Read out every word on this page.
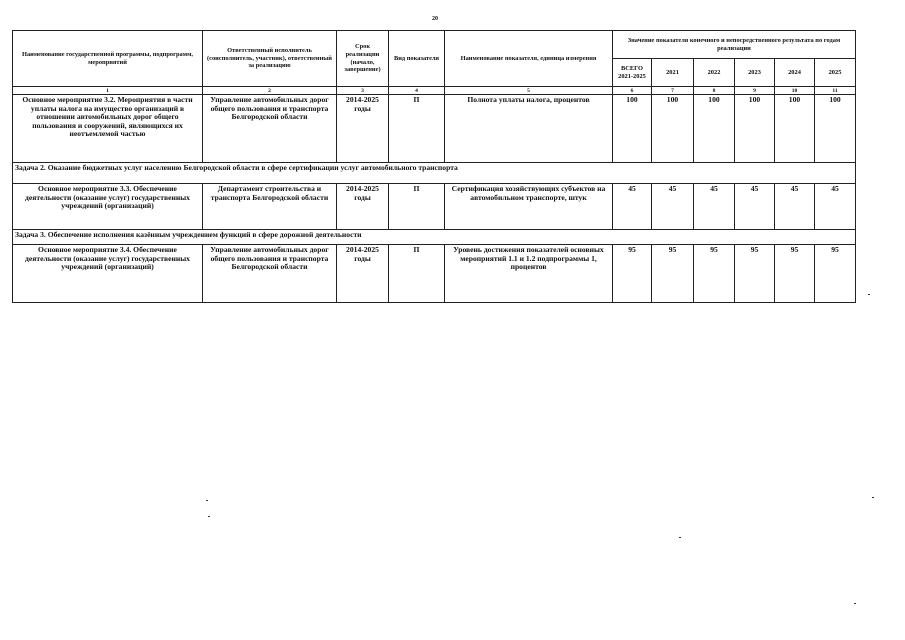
20
Наименование государственной программы, подпрограмм, мероприятий	Ответственный исполнитель (соисполнитель, участник), ответственный за реализацию	Срок реализации (начало, завершение)	Вид показателя	Наименование показателя, единица измерения	Значение показателя конечного и непосредственного результата по годам реализации					
					ВСЕГО 2021-2025	2021	2022	2023	2024	2025
1	2	3	4	5	6	7	8	9	10	11
Основное мероприятие 3.2. Мероприятия в части уплаты налога на имущество организаций в отношении автомобильных дорог общего пользования и сооружений, являющихся их неотъемлемой частью	Управление автомобильных дорог общего пользования и транспорта Белгородской области	2014-2025 годы	П	Полнота уплаты налога, процентов	100	100	100	100	100	100
Задача 2. Оказание бюджетных услуг населению Белгородской области в сфере сертификации услуг автомобильного транспорта										
Основное мероприятие 3.3. Обеспечение деятельности (оказание услуг) государственных учреждений (организаций)	Департамент строительства и транспорта Белгородской области	2014-2025 годы	П	Сертификация хозяйствующих субъектов на автомобильном транспорте, штук	45	45	45	45	45	45
Задача 3. Обеспечение исполнения казённым учреждением функций в сфере дорожной деятельности										
Основное мероприятие 3.4. Обеспечение деятельности (оказание услуг) государственных учреждений (организаций)	Управление автомобильных дорог общего пользования и транспорта Белгородской области	2014-2025 годы	П	Уровень достижения показателей основных мероприятий 1.1 и 1.2 подпрограммы 1, процентов	95	95	95	95	95	95
